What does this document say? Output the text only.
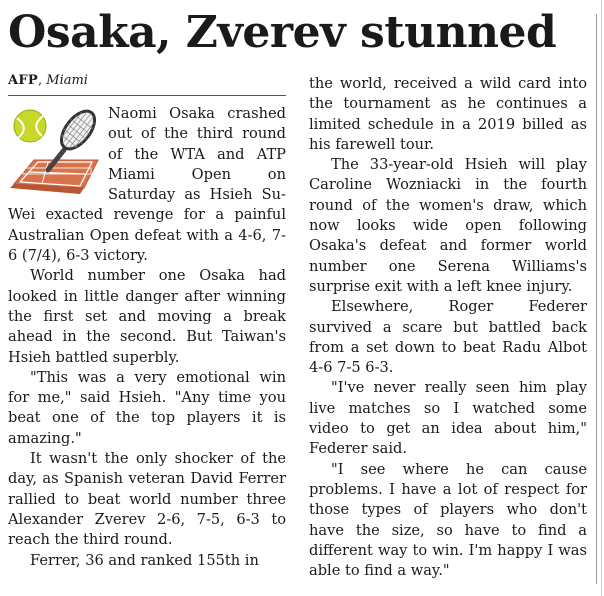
Osaka, Zverev stunned
AFP, Miami

Naomi Osaka crashed out of the third round of the WTA and ATP Miami Open on Saturday as Hsieh Su-Wei exacted revenge for a painful Australian Open defeat with a 4-6, 7-6 (7/4), 6-3 victory.

World number one Osaka had looked in little danger after winning the first set and moving a break ahead in the second. But Taiwan's Hsieh battled superbly.

"This was a very emotional win for me," said Hsieh. "Any time you beat one of the top players it is amazing."

It wasn't the only shocker of the day, as Spanish veteran David Ferrer rallied to beat world number three Alexander Zverev 2-6, 7-5, 6-3 to reach the third round.

Ferrer, 36 and ranked 155th in

the world, received a wild card into the tournament as he continues a limited schedule in a 2019 billed as his farewell tour.

The 33-year-old Hsieh will play Caroline Wozniacki in the fourth round of the women's draw, which now looks wide open following Osaka's defeat and former world number one Serena Williams's surprise exit with a left knee injury.

Elsewhere, Roger Federer survived a scare but battled back from a set down to beat Radu Albot 4-6 7-5 6-3.

"I've never really seen him play live matches so I watched some video to get an idea about him," Federer said.

"I see where he can cause problems. I have a lot of respect for those types of players who don't have the size, so have to find a different way to win. I'm happy I was able to find a way."
